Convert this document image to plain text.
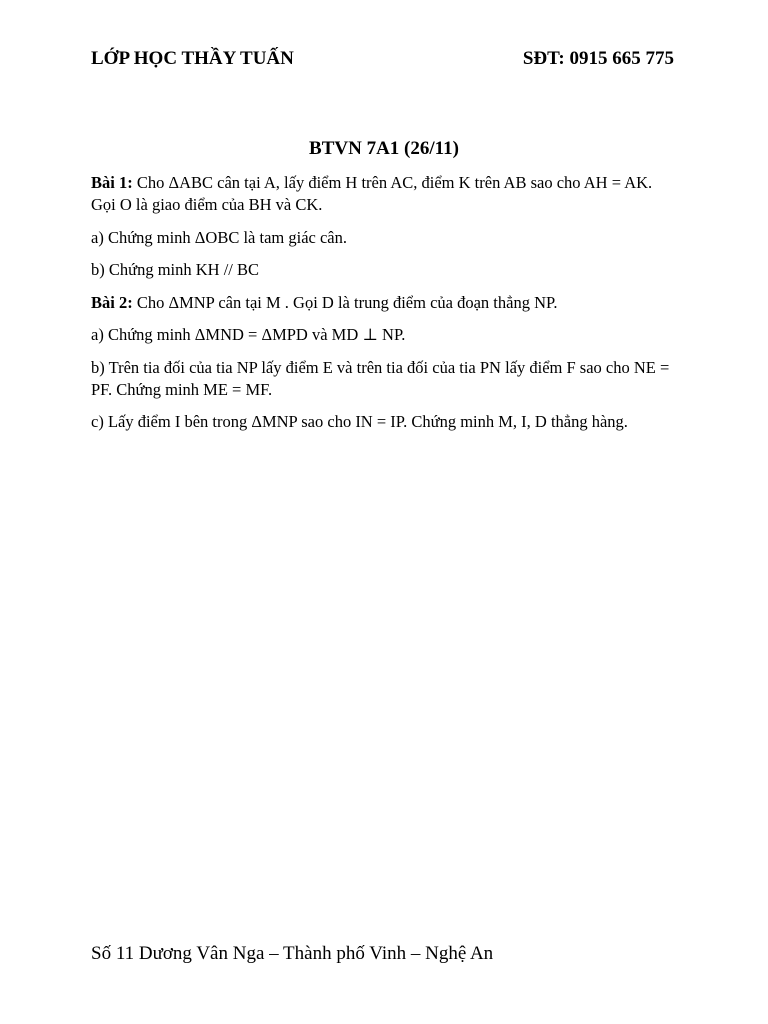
LỚP HỌC THẦY TUẤN	SĐT: 0915 665 775
BTVN 7A1 (26/11)

Bài 1: Cho ΔABC cân tại A, lấy điểm H trên AC, điểm K trên AB sao cho AH = AK. Gọi O là giao điểm của BH và CK.

a) Chứng minh ΔOBC là tam giác cân.

b) Chứng minh KH // BC

Bài 2: Cho ΔMNP cân tại M . Gọi D là trung điểm của đoạn thẳng NP.

a) Chứng minh ΔMND = ΔMPD và MD ⊥ NP.

b) Trên tia đối của tia NP lấy điểm E và trên tia đối của tia PN lấy điểm F sao cho NE = PF. Chứng minh ME = MF.

c) Lấy điểm I bên trong ΔMNP sao cho IN = IP. Chứng minh M, I, D thẳng hàng.

Số 11 Dương Vân Nga – Thành phố Vinh – Nghệ An
